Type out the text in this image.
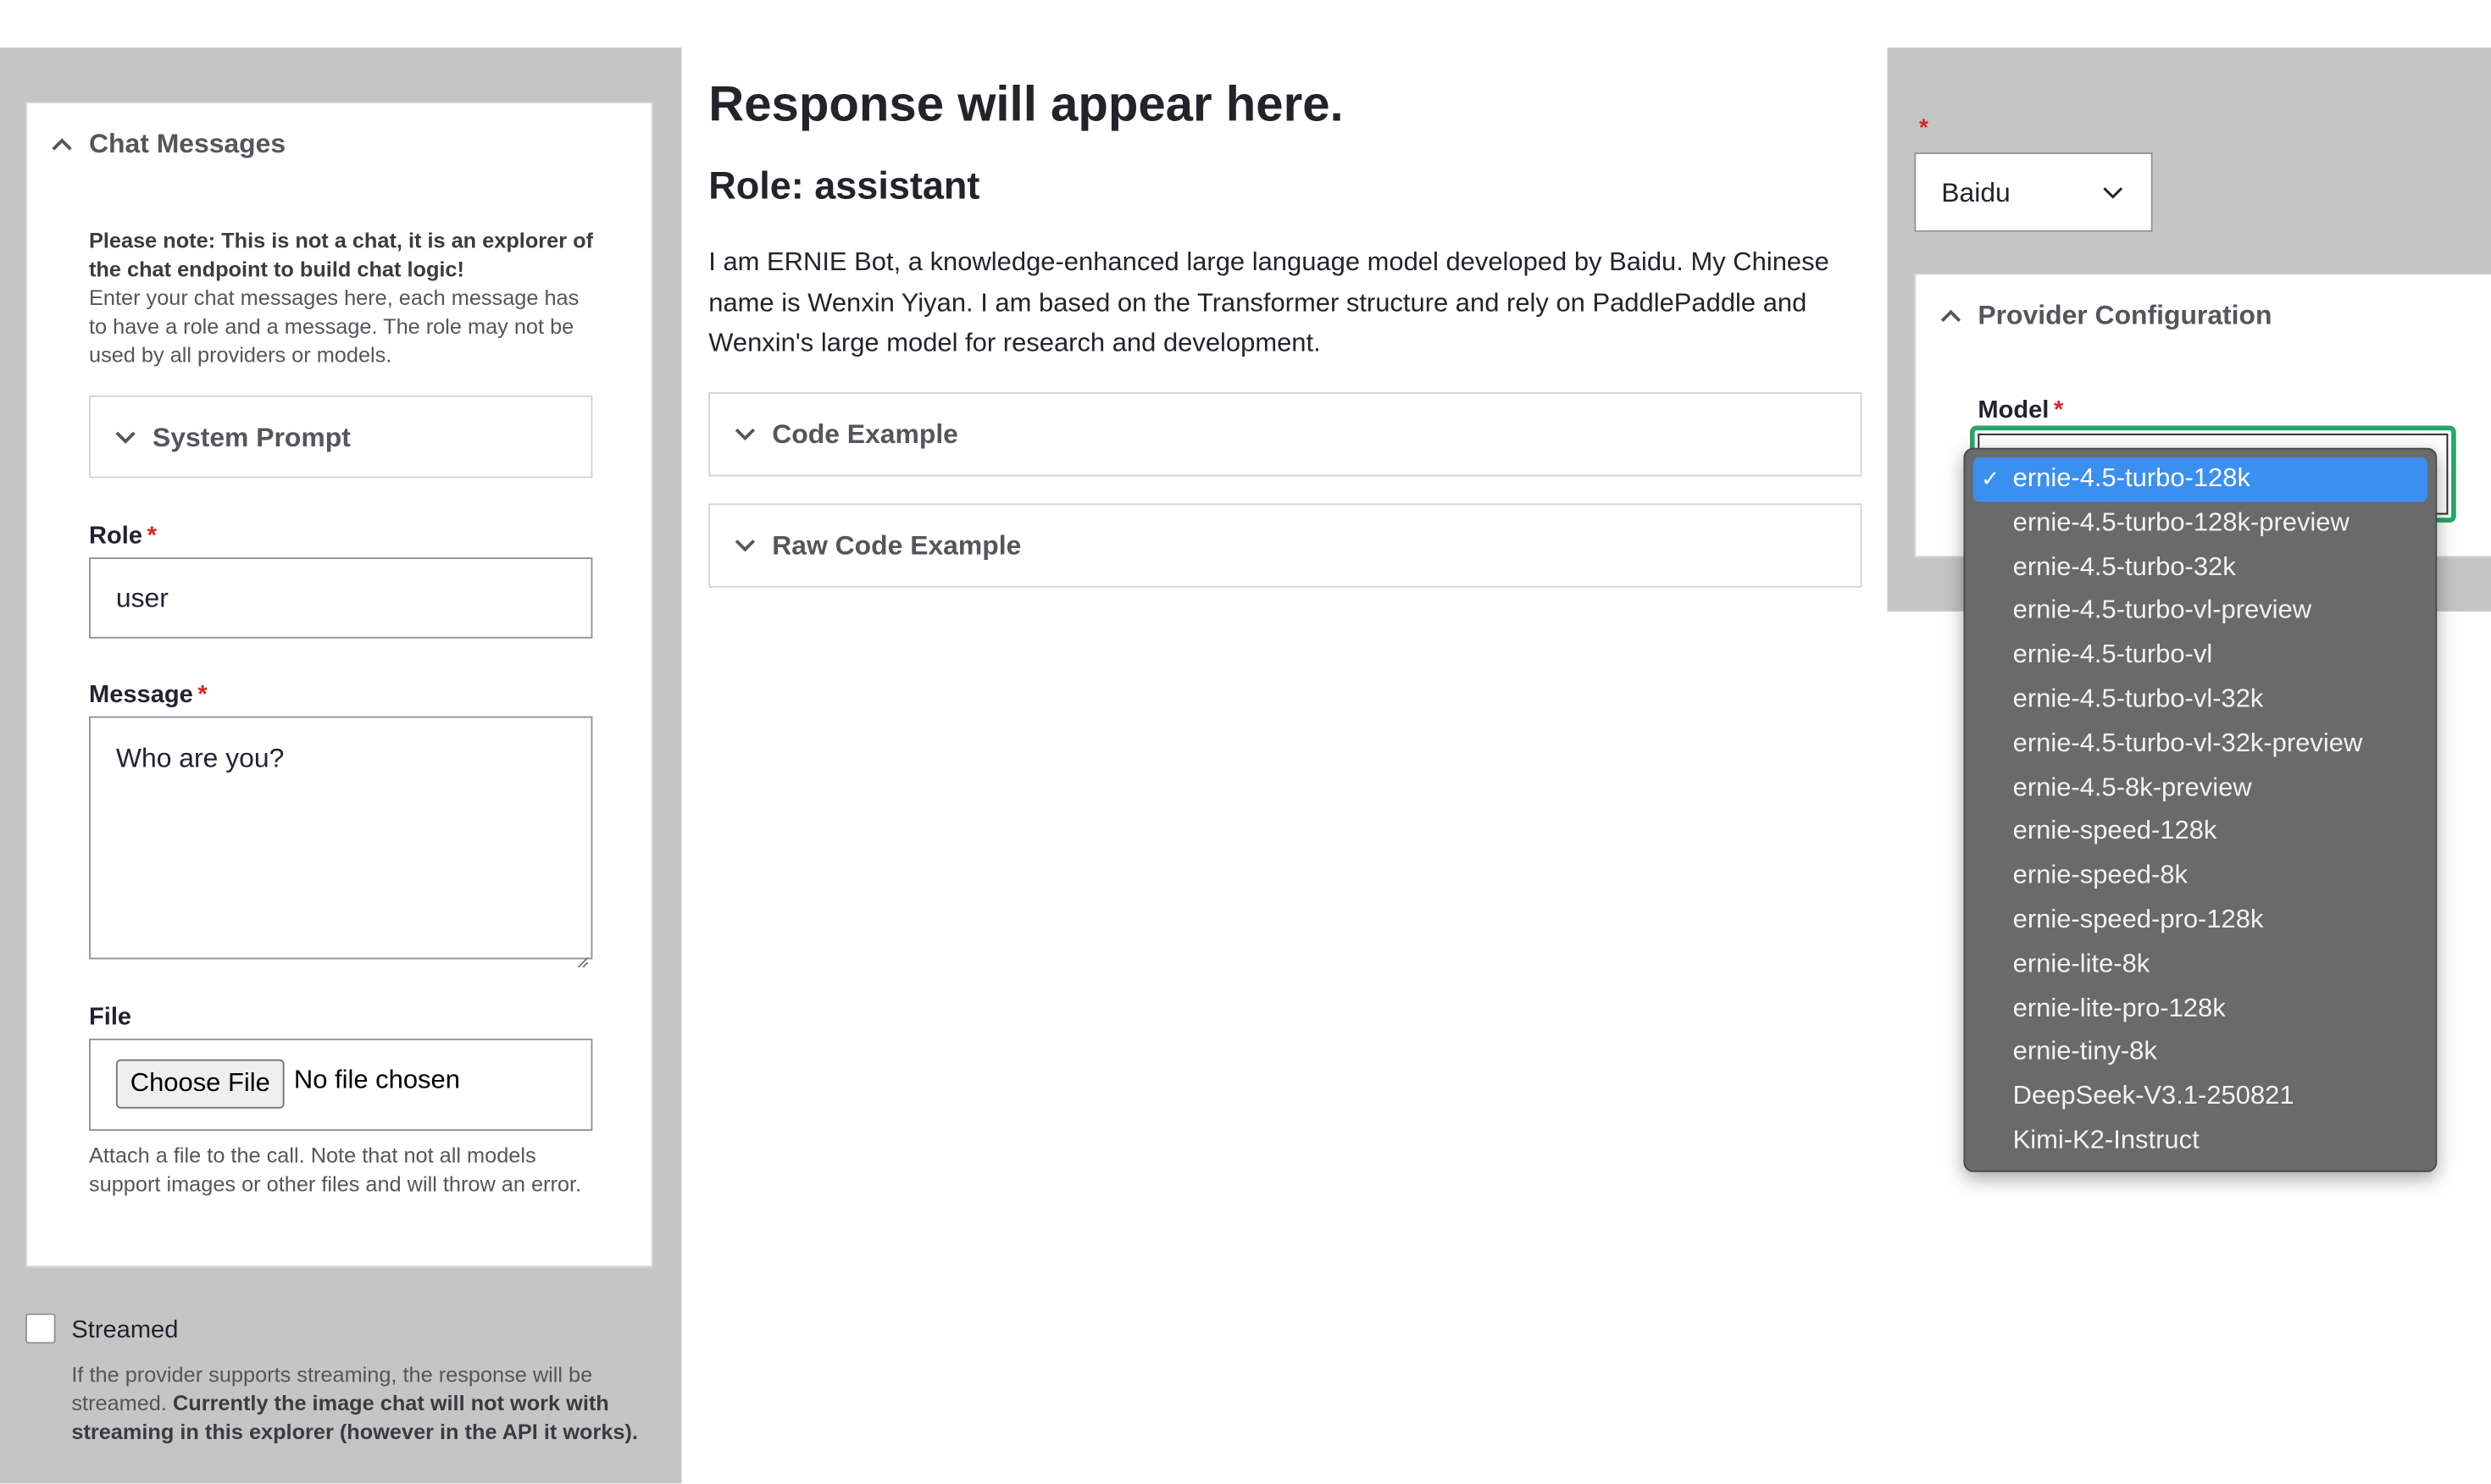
Chat Messages
Please note: This is not a chat, it is an explorer of the chat endpoint to build chat logic!
Enter your chat messages here, each message has to have a role and a message. The role may not be used by all providers or models.
System Prompt
Role *
user
Message *
Who are you?
File
Choose File	No file chosen
Attach a file to the call. Note that not all models support images or other files and will throw an error.
Streamed
If the provider supports streaming, the response will be streamed. Currently the image chat will not work with streaming in this explorer (however in the API it works).
Response will appear here.
Role: assistant
I am ERNIE Bot, a knowledge-enhanced large language model developed by Baidu. My Chinese name is Wenxin Yiyan. I am based on the Transformer structure and rely on PaddlePaddle and Wenxin's large model for research and development.
Code Example
Raw Code Example
*
Baidu
Provider Configuration
Model *
✓ ernie-4.5-turbo-128k
ernie-4.5-turbo-128k-preview
ernie-4.5-turbo-32k
ernie-4.5-turbo-vl-preview
ernie-4.5-turbo-vl
ernie-4.5-turbo-vl-32k
ernie-4.5-turbo-vl-32k-preview
ernie-4.5-8k-preview
ernie-speed-128k
ernie-speed-8k
ernie-speed-pro-128k
ernie-lite-8k
ernie-lite-pro-128k
ernie-tiny-8k
DeepSeek-V3.1-250821
Kimi-K2-Instruct
